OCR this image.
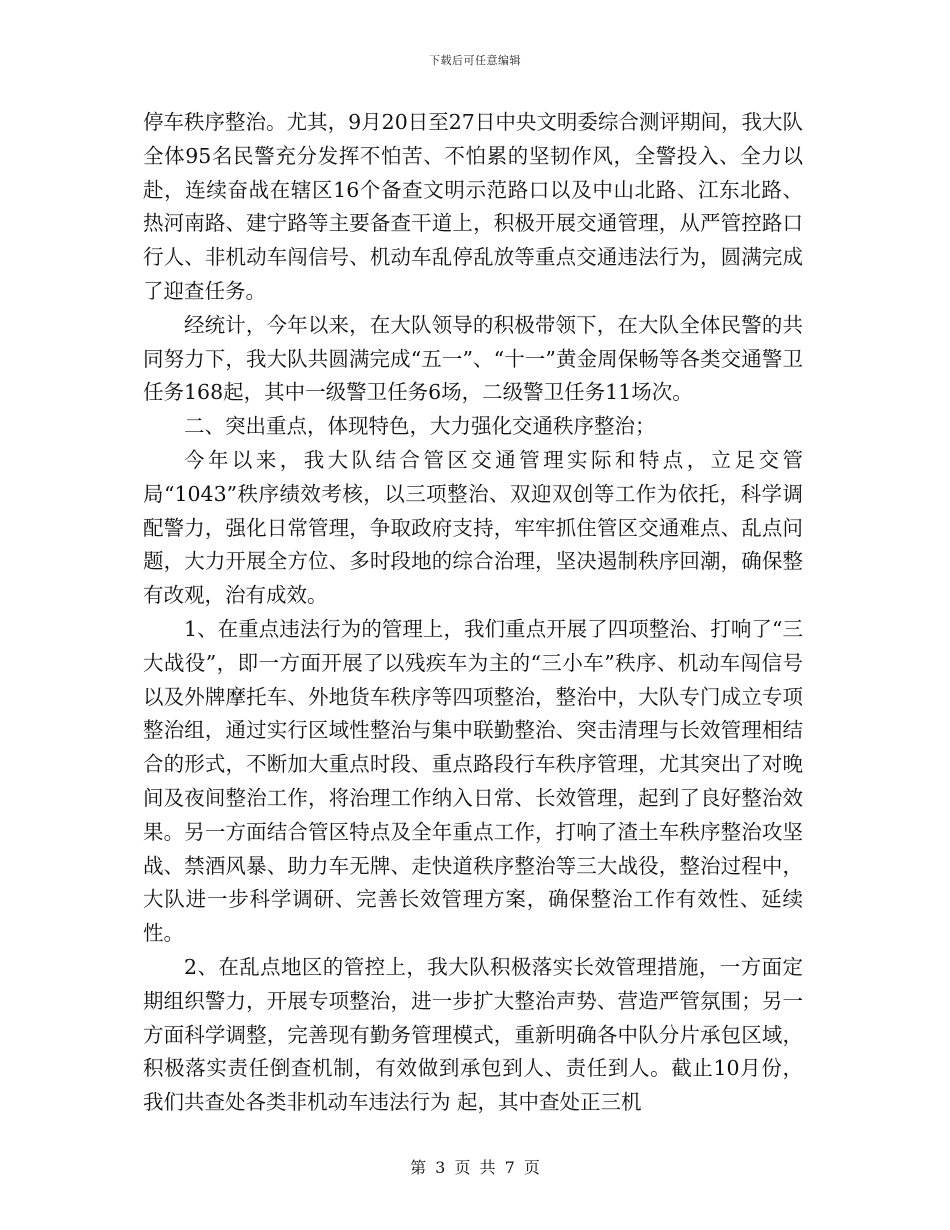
下载后可任意编辑

停车秩序整治。尤其，9月20日至27日中央文明委综合测评期间，我大队全体95名民警充分发挥不怕苦、不怕累的坚韧作风，全警投入、全力以赴，连续奋战在辖区16个备查文明示范路口以及中山北路、江东北路、热河南路、建宁路等主要备查干道上，积极开展交通管理，从严管控路口行人、非机动车闯信号、机动车乱停乱放等重点交通违法行为，圆满完成了迎查任务。

经统计，今年以来，在大队领导的积极带领下，在大队全体民警的共同努力下，我大队共圆满完成“五一”、“十一”黄金周保畅等各类交通警卫任务168起，其中一级警卫任务6场，二级警卫任务11场次。

二、突出重点，体现特色，大力强化交通秩序整治；

今年以来，我大队结合管区交通管理实际和特点，立足交管局“1043”秩序绩效考核，以三项整治、双迎双创等工作为依托，科学调配警力，强化日常管理，争取政府支持，牢牢抓住管区交通难点、乱点问题，大力开展全方位、多时段地的综合治理，坚决遏制秩序回潮，确保整有改观，治有成效。

1、在重点违法行为的管理上，我们重点开展了四项整治、打响了“三大战役”，即一方面开展了以残疾车为主的“三小车”秩序、机动车闯信号以及外牌摩托车、外地货车秩序等四项整治，整治中，大队专门成立专项整治组，通过实行区域性整治与集中联勤整治、突击清理与长效管理相结合的形式，不断加大重点时段、重点路段行车秩序管理，尤其突出了对晚间及夜间整治工作，将治理工作纳入日常、长效管理，起到了良好整治效果。另一方面结合管区特点及全年重点工作，打响了渣土车秩序整治攻坚战、禁酒风暴、助力车无牌、走快道秩序整治等三大战役，整治过程中，大队进一步科学调研、完善长效管理方案，确保整治工作有效性、延续性。

2、在乱点地区的管控上，我大队积极落实长效管理措施，一方面定期组织警力，开展专项整治，进一步扩大整治声势、营造严管氛围；另一方面科学调整，完善现有勤务管理模式，重新明确各中队分片承包区域，积极落实责任倒查机制，有效做到承包到人、责任到人。截止10月份，我们共查处各类非机动车违法行为 起，其中查处正三机

第 3 页 共 7 页
